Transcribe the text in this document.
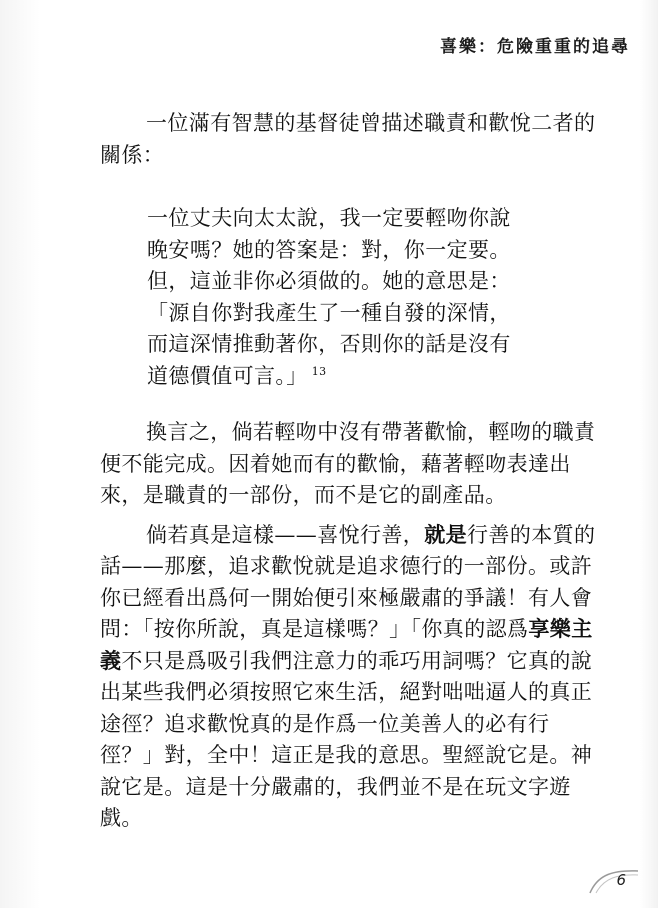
喜樂：危險重重的追尋

一位滿有智慧的基督徒曾描述職責和歡悅二者的關係：

一位丈夫向太太說，我一定要輕吻你說
晚安嗎？她的答案是：對，你一定要。
但，這並非你必須做的。她的意思是：
「源自你對我產生了一種自發的深情，
而這深情推動著你，否則你的話是沒有
道德價值可言。」 $^{13}$

換言之，倘若輕吻中沒有帶著歡愉，輕吻的職責便不能完成。因着她而有的歡愉，藉著輕吻表達出來，是職責的一部份，而不是它的副產品。

倘若真是這樣——喜悅行善，就是行善的本質的話——那麼，追求歡悅就是追求德行的一部份。或許你已經看出爲何一開始便引來極嚴肅的爭議！有人會問：「按你所說，真是這樣嗎？」「你真的認爲享樂主義不只是爲吸引我們注意力的乖巧用詞嗎？它真的說出某些我們必須按照它來生活，絕對咄咄逼人的真正途徑？追求歡悅真的是作爲一位美善人的必有行徑？」對，全中！這正是我的意思。聖經說它是。神說它是。這是十分嚴肅的，我們並不是在玩文字遊戲。

6
